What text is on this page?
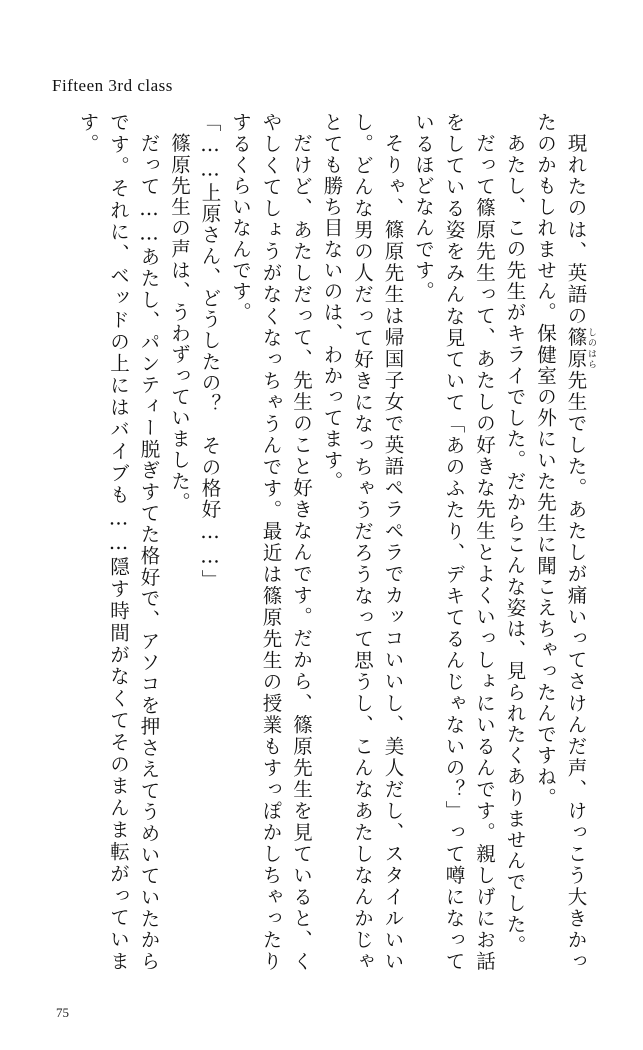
Fifteen 3rd class

現れたのは、英語の篠原しのはら先生でした。あたしが痛いってさけんだ声、けっこう大きかったのかもしれません。保健室の外にいた先生に聞こえちゃったんですね。

あたし、この先生がキライでした。だからこんな姿は、見られたくありませんでした。

だって篠原先生って、あたしの好きな先生とよくいっしょにいるんです。親しげにお話をしている姿をみんな見ていて「あのふたり、デキてるんじゃないの？」って噂になっているほどなんです。

そりゃ、篠原先生は帰国子女で英語ペラペラでカッコいいし、美人だし、スタイルいいし。どんな男の人だって好きになっちゃうだろうなって思うし、こんなあたしなんかじゃとても勝ち目ないのは、わかってます。

だけど、あたしだって、先生のこと好きなんです。だから、篠原先生を見ていると、くやしくてしょうがなくなっちゃうんです。最近は篠原先生の授業もすっぽかしちゃったりするくらいなんです。

「……上原さん、どうしたの？　その格好……」

篠原先生の声は、うわずっていました。

だって……あたし、パンティー脱ぎすてた格好で、アソコを押さえてうめいていたからです。それに、ベッドの上にはバイブも……隠す時間がなくてそのまんま転がっています。

75
